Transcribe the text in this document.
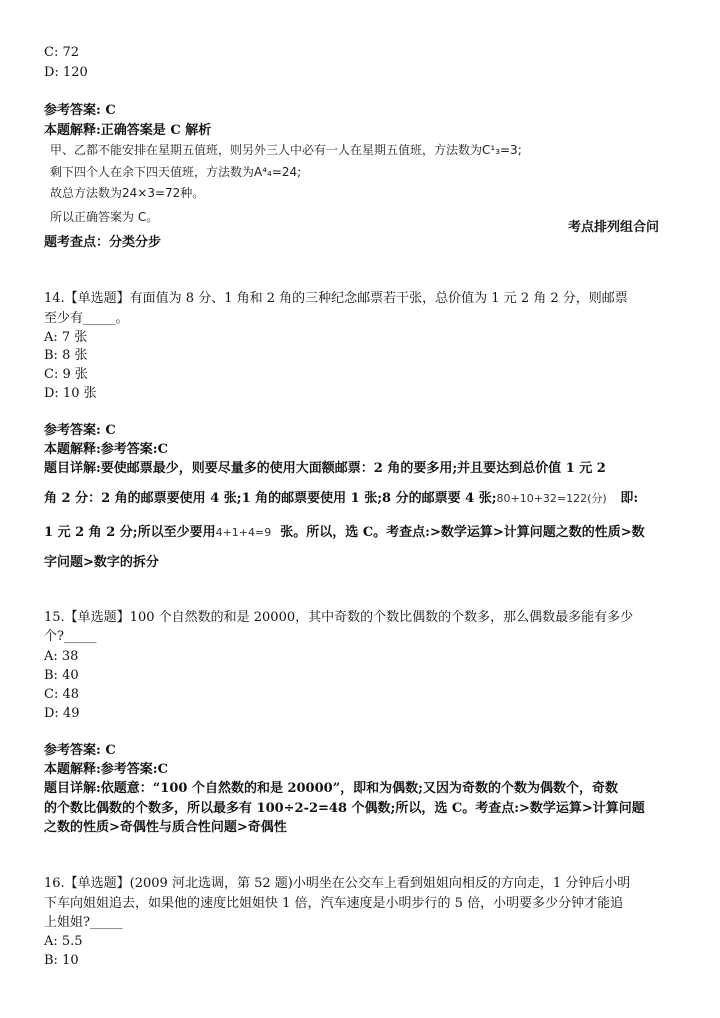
C: 72
D: 120
参考答案: C
本题解释:正确答案是 C 解析
甲、乙都不能安排在星期五值班，则另外三人中必有一人在星期五值班，方法数为C¹₃=3;
剩下四个人在余下四天值班，方法数为A⁴₄=24;
故总方法数为24×3=72种。
所以正确答案为 C。
考点排列组合问
题考查点：分类分步
14.【单选题】有面值为 8 分、1 角和 2 角的三种纪念邮票若干张，总价值为 1 元 2 角 2 分，则邮票
至少有_____。
A: 7 张
B: 8 张
C: 9 张
D: 10 张
参考答案: C
本题解释:参考答案:C
题目详解:要使邮票最少，则要尽量多的使用大面额邮票：2 角的要多用;并且要达到总价值 1 元 2
角 2 分：2 角的邮票要使用 4 张;1 角的邮票要使用 1 张;8 分的邮票要 4 张;80+10+32=122(分) 即:
1 元 2 角 2 分;所以至少要用4+1+4=9 张。所以，选 C。考查点:>数学运算>计算问题之数的性质>数
字问题>数字的拆分
15.【单选题】100 个自然数的和是 20000，其中奇数的个数比偶数的个数多，那么偶数最多能有多少
个?_____
A: 38
B: 40
C: 48
D: 49
参考答案: C
本题解释:参考答案:C
题目详解:依题意：“100 个自然数的和是 20000”，即和为偶数;又因为奇数的个数为偶数个，奇数
的个数比偶数的个数多，所以最多有 100÷2-2=48 个偶数;所以，选 C。考查点:>数学运算>计算问题
之数的性质>奇偶性与质合性问题>奇偶性
16.【单选题】(2009 河北选调，第 52 题)小明坐在公交车上看到姐姐向相反的方向走，1 分钟后小明
下车向姐姐追去，如果他的速度比姐姐快 1 倍，汽车速度是小明步行的 5 倍，小明要多少分钟才能追
上姐姐?_____
A: 5.5
B: 10
